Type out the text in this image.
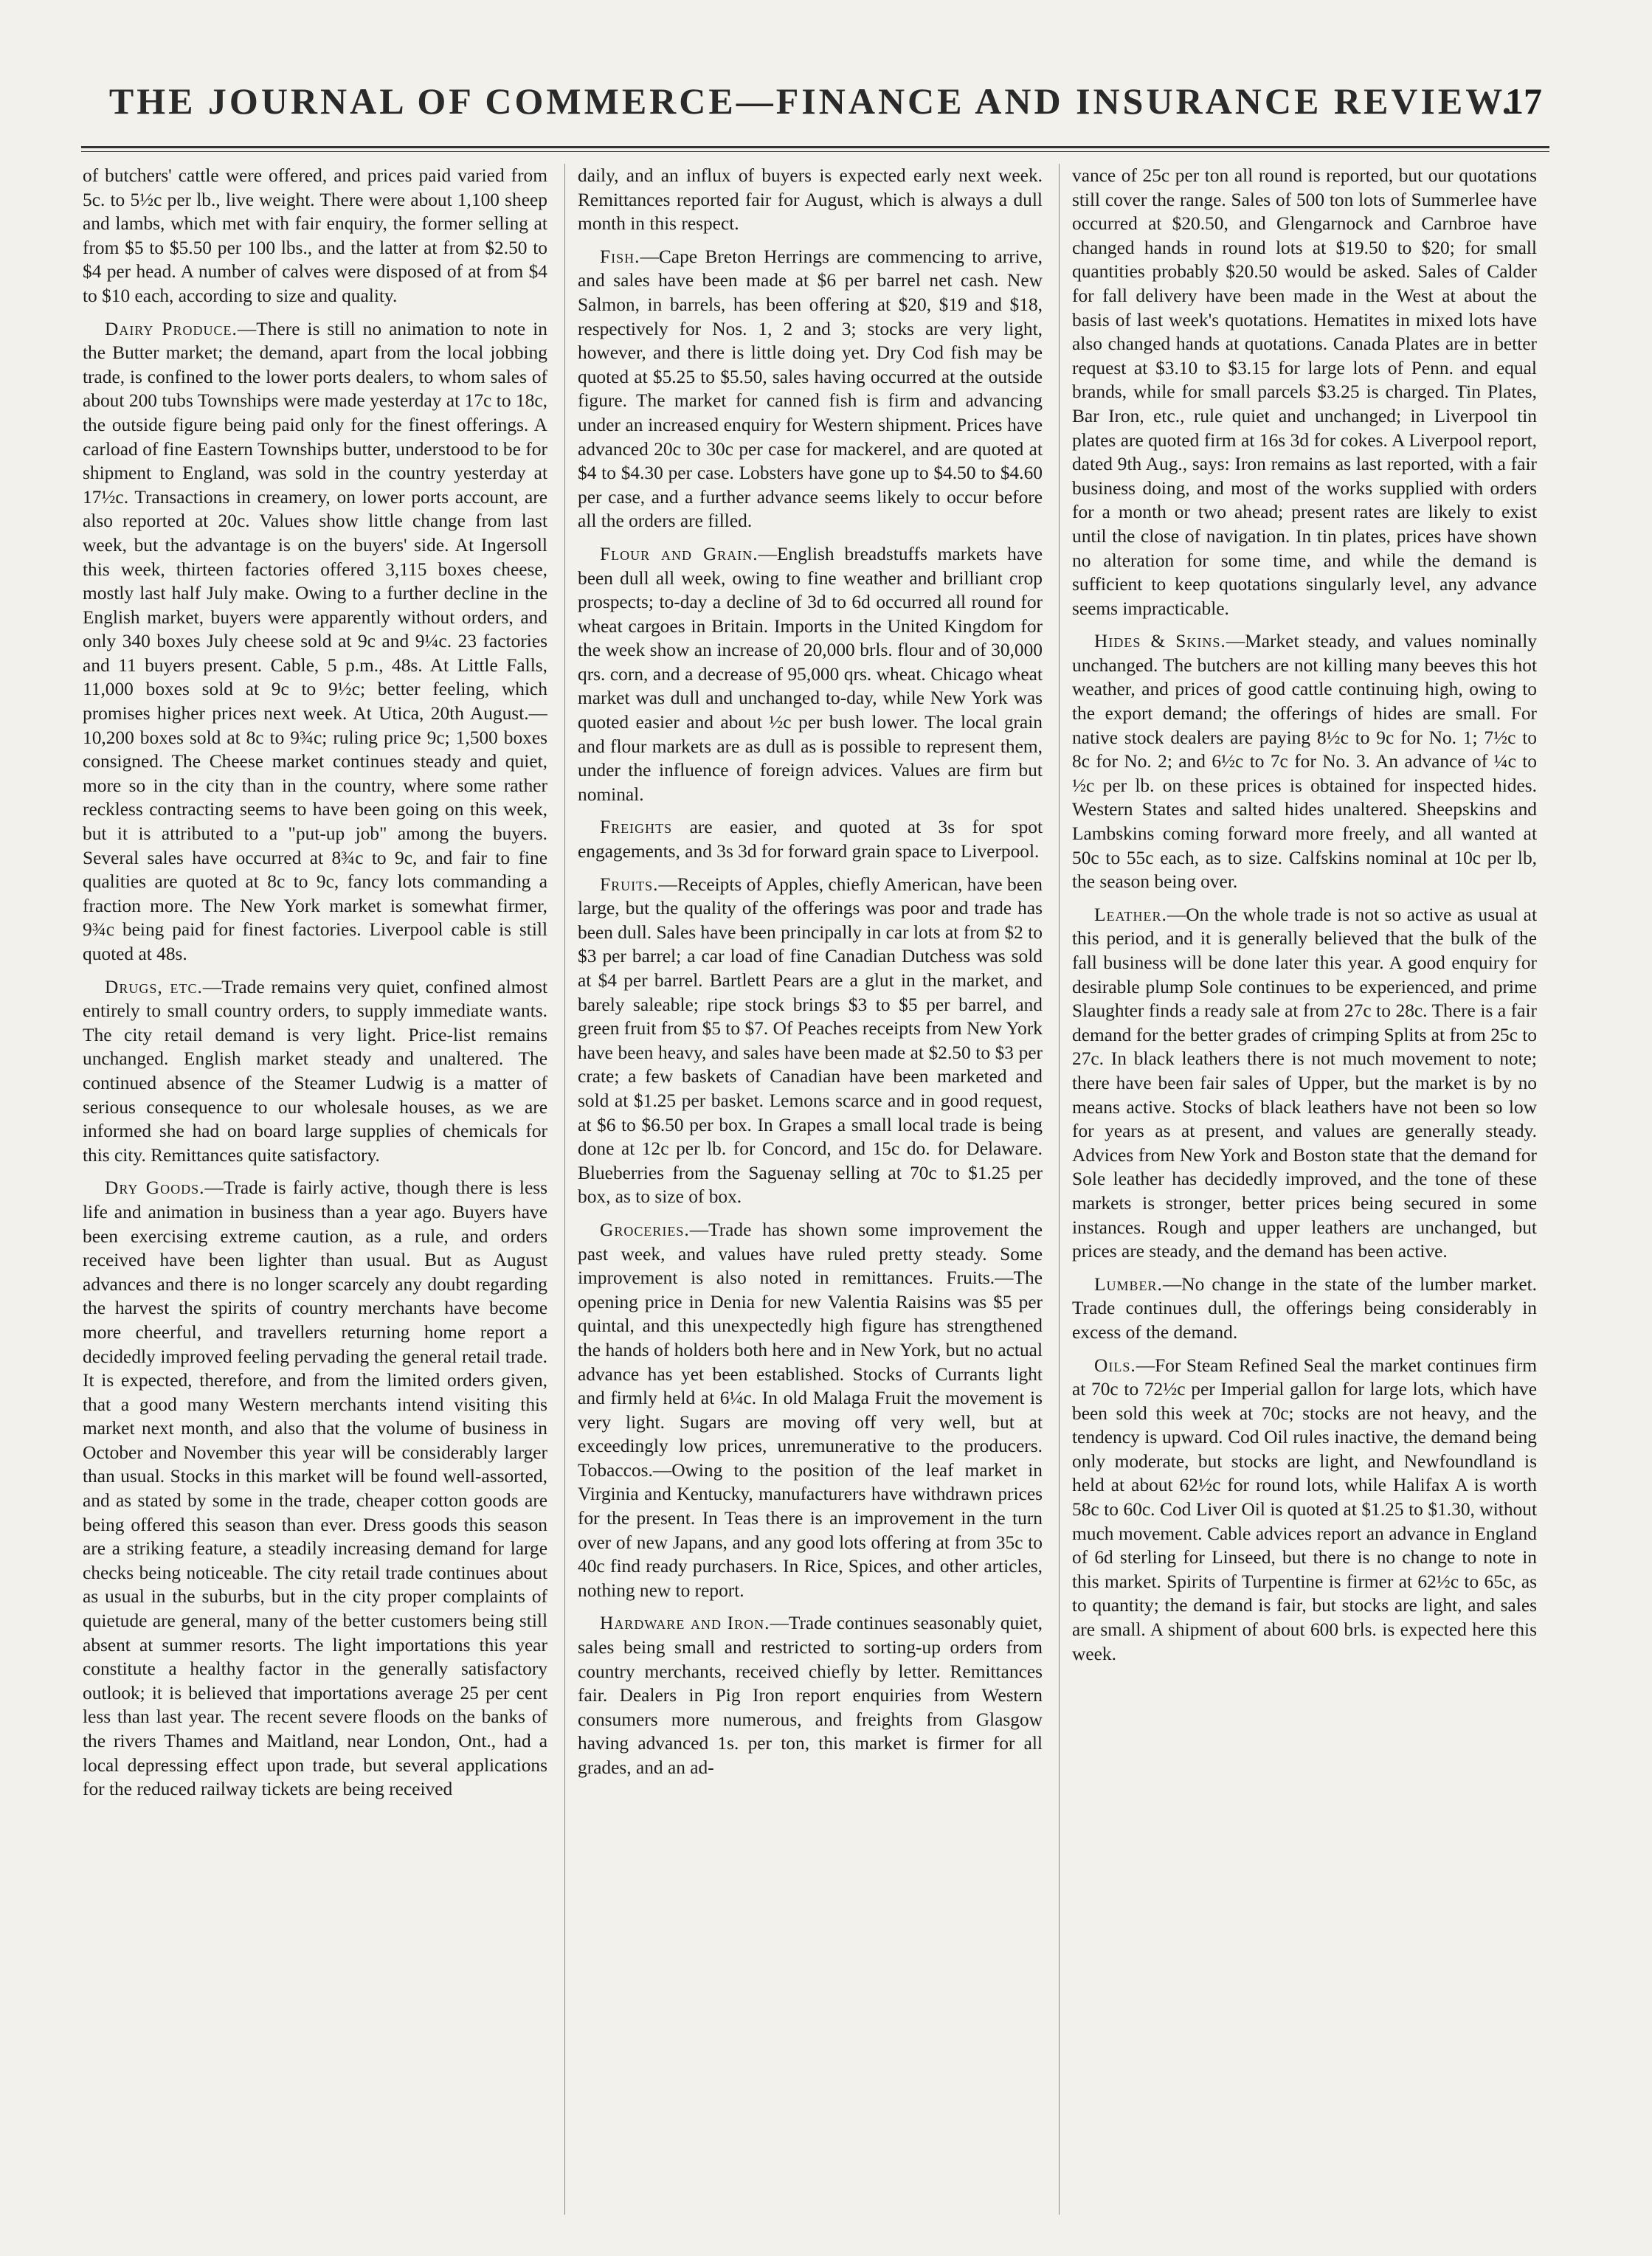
THE JOURNAL OF COMMERCE—FINANCE AND INSURANCE REVIEW.
17

of butchers' cattle were offered, and prices paid varied from 5c. to 5½c per lb., live weight. There were about 1,100 sheep and lambs, which met with fair enquiry, the former selling at from $5 to $5.50 per 100 lbs., and the latter at from $2.50 to $4 per head. A number of calves were disposed of at from $4 to $10 each, according to size and quality.

Dairy Produce.—There is still no animation to note in the Butter market; the demand, apart from the local jobbing trade, is confined to the lower ports dealers, to whom sales of about 200 tubs Townships were made yesterday at 17c to 18c, the outside figure being paid only for the finest offerings. A carload of fine Eastern Townships butter, understood to be for shipment to England, was sold in the country yesterday at 17½c. Transactions in creamery, on lower ports account, are also reported at 20c. Values show little change from last week, but the advantage is on the buyers' side. At Ingersoll this week, thirteen factories offered 3,115 boxes cheese, mostly last half July make. Owing to a further decline in the English market, buyers were apparently without orders, and only 340 boxes July cheese sold at 9c and 9¼c. 23 factories and 11 buyers present. Cable, 5 p.m., 48s. At Little Falls, 11,000 boxes sold at 9c to 9½c; better feeling, which promises higher prices next week. At Utica, 20th August.—10,200 boxes sold at 8c to 9¾c; ruling price 9c; 1,500 boxes consigned. The Cheese market continues steady and quiet, more so in the city than in the country, where some rather reckless contracting seems to have been going on this week, but it is attributed to a "put-up job" among the buyers. Several sales have occurred at 8¾c to 9c, and fair to fine qualities are quoted at 8c to 9c, fancy lots commanding a fraction more. The New York market is somewhat firmer, 9¾c being paid for finest factories. Liverpool cable is still quoted at 48s.

Drugs, etc.—Trade remains very quiet, confined almost entirely to small country orders, to supply immediate wants. The city retail demand is very light. Price-list remains unchanged. English market steady and unaltered. The continued absence of the Steamer Ludwig is a matter of serious consequence to our wholesale houses, as we are informed she had on board large supplies of chemicals for this city. Remittances quite satisfactory.

Dry Goods.—Trade is fairly active, though there is less life and animation in business than a year ago. Buyers have been exercising extreme caution, as a rule, and orders received have been lighter than usual. But as August advances and there is no longer scarcely any doubt regarding the harvest the spirits of country merchants have become more cheerful, and travellers returning home report a decidedly improved feeling pervading the general retail trade. It is expected, therefore, and from the limited orders given, that a good many Western merchants intend visiting this market next month, and also that the volume of business in October and November this year will be considerably larger than usual. Stocks in this market will be found well-assorted, and as stated by some in the trade, cheaper cotton goods are being offered this season than ever. Dress goods this season are a striking feature, a steadily increasing demand for large checks being noticeable. The city retail trade continues about as usual in the suburbs, but in the city proper complaints of quietude are general, many of the better customers being still absent at summer resorts. The light importations this year constitute a healthy factor in the generally satisfactory outlook; it is believed that importations average 25 per cent less than last year. The recent severe floods on the banks of the rivers Thames and Maitland, near London, Ont., had a local depressing effect upon trade, but several applications for the reduced railway tickets are being received

daily, and an influx of buyers is expected early next week. Remittances reported fair for August, which is always a dull month in this respect.

Fish.—Cape Breton Herrings are commencing to arrive, and sales have been made at $6 per barrel net cash. New Salmon, in barrels, has been offering at $20, $19 and $18, respectively for Nos. 1, 2 and 3; stocks are very light, however, and there is little doing yet. Dry Cod fish may be quoted at $5.25 to $5.50, sales having occurred at the outside figure. The market for canned fish is firm and advancing under an increased enquiry for Western shipment. Prices have advanced 20c to 30c per case for mackerel, and are quoted at $4 to $4.30 per case. Lobsters have gone up to $4.50 to $4.60 per case, and a further advance seems likely to occur before all the orders are filled.

Flour and Grain.—English breadstuffs markets have been dull all week, owing to fine weather and brilliant crop prospects; to-day a decline of 3d to 6d occurred all round for wheat cargoes in Britain. Imports in the United Kingdom for the week show an increase of 20,000 brls. flour and of 30,000 qrs. corn, and a decrease of 95,000 qrs. wheat. Chicago wheat market was dull and unchanged to-day, while New York was quoted easier and about ½c per bush lower. The local grain and flour markets are as dull as is possible to represent them, under the influence of foreign advices. Values are firm but nominal.

Freights are easier, and quoted at 3s for spot engagements, and 3s 3d for forward grain space to Liverpool.

Fruits.—Receipts of Apples, chiefly American, have been large, but the quality of the offerings was poor and trade has been dull. Sales have been principally in car lots at from $2 to $3 per barrel; a car load of fine Canadian Dutchess was sold at $4 per barrel. Bartlett Pears are a glut in the market, and barely saleable; ripe stock brings $3 to $5 per barrel, and green fruit from $5 to $7. Of Peaches receipts from New York have been heavy, and sales have been made at $2.50 to $3 per crate; a few baskets of Canadian have been marketed and sold at $1.25 per basket. Lemons scarce and in good request, at $6 to $6.50 per box. In Grapes a small local trade is being done at 12c per lb. for Concord, and 15c do. for Delaware. Blueberries from the Saguenay selling at 70c to $1.25 per box, as to size of box.

Groceries.—Trade has shown some improvement the past week, and values have ruled pretty steady. Some improvement is also noted in remittances. Fruits.—The opening price in Denia for new Valentia Raisins was $5 per quintal, and this unexpectedly high figure has strengthened the hands of holders both here and in New York, but no actual advance has yet been established. Stocks of Currants light and firmly held at 6¼c. In old Malaga Fruit the movement is very light. Sugars are moving off very well, but at exceedingly low prices, unremunerative to the producers. Tobaccos.—Owing to the position of the leaf market in Virginia and Kentucky, manufacturers have withdrawn prices for the present. In Teas there is an improvement in the turn over of new Japans, and any good lots offering at from 35c to 40c find ready purchasers. In Rice, Spices, and other articles, nothing new to report.

Hardware and Iron.—Trade continues seasonably quiet, sales being small and restricted to sorting-up orders from country merchants, received chiefly by letter. Remittances fair. Dealers in Pig Iron report enquiries from Western consumers more numerous, and freights from Glasgow having advanced 1s. per ton, this market is firmer for all grades, and an ad-

vance of 25c per ton all round is reported, but our quotations still cover the range. Sales of 500 ton lots of Summerlee have occurred at $20.50, and Glengarnock and Carnbroe have changed hands in round lots at $19.50 to $20; for small quantities probably $20.50 would be asked. Sales of Calder for fall delivery have been made in the West at about the basis of last week's quotations. Hematites in mixed lots have also changed hands at quotations. Canada Plates are in better request at $3.10 to $3.15 for large lots of Penn. and equal brands, while for small parcels $3.25 is charged. Tin Plates, Bar Iron, etc., rule quiet and unchanged; in Liverpool tin plates are quoted firm at 16s 3d for cokes. A Liverpool report, dated 9th Aug., says: Iron remains as last reported, with a fair business doing, and most of the works supplied with orders for a month or two ahead; present rates are likely to exist until the close of navigation. In tin plates, prices have shown no alteration for some time, and while the demand is sufficient to keep quotations singularly level, any advance seems impracticable.

Hides & Skins.—Market steady, and values nominally unchanged. The butchers are not killing many beeves this hot weather, and prices of good cattle continuing high, owing to the export demand; the offerings of hides are small. For native stock dealers are paying 8½c to 9c for No. 1; 7½c to 8c for No. 2; and 6½c to 7c for No. 3. An advance of ¼c to ½c per lb. on these prices is obtained for inspected hides. Western States and salted hides unaltered. Sheepskins and Lambskins coming forward more freely, and all wanted at 50c to 55c each, as to size. Calfskins nominal at 10c per lb, the season being over.

Leather.—On the whole trade is not so active as usual at this period, and it is generally believed that the bulk of the fall business will be done later this year. A good enquiry for desirable plump Sole continues to be experienced, and prime Slaughter finds a ready sale at from 27c to 28c. There is a fair demand for the better grades of crimping Splits at from 25c to 27c. In black leathers there is not much movement to note; there have been fair sales of Upper, but the market is by no means active. Stocks of black leathers have not been so low for years as at present, and values are generally steady. Advices from New York and Boston state that the demand for Sole leather has decidedly improved, and the tone of these markets is stronger, better prices being secured in some instances. Rough and upper leathers are unchanged, but prices are steady, and the demand has been active.

Lumber.—No change in the state of the lumber market. Trade continues dull, the offerings being considerably in excess of the demand.

Oils.—For Steam Refined Seal the market continues firm at 70c to 72½c per Imperial gallon for large lots, which have been sold this week at 70c; stocks are not heavy, and the tendency is upward. Cod Oil rules inactive, the demand being only moderate, but stocks are light, and Newfoundland is held at about 62½c for round lots, while Halifax A is worth 58c to 60c. Cod Liver Oil is quoted at $1.25 to $1.30, without much movement. Cable advices report an advance in England of 6d sterling for Linseed, but there is no change to note in this market. Spirits of Turpentine is firmer at 62½c to 65c, as to quantity; the demand is fair, but stocks are light, and sales are small. A shipment of about 600 brls. is expected here this week.
